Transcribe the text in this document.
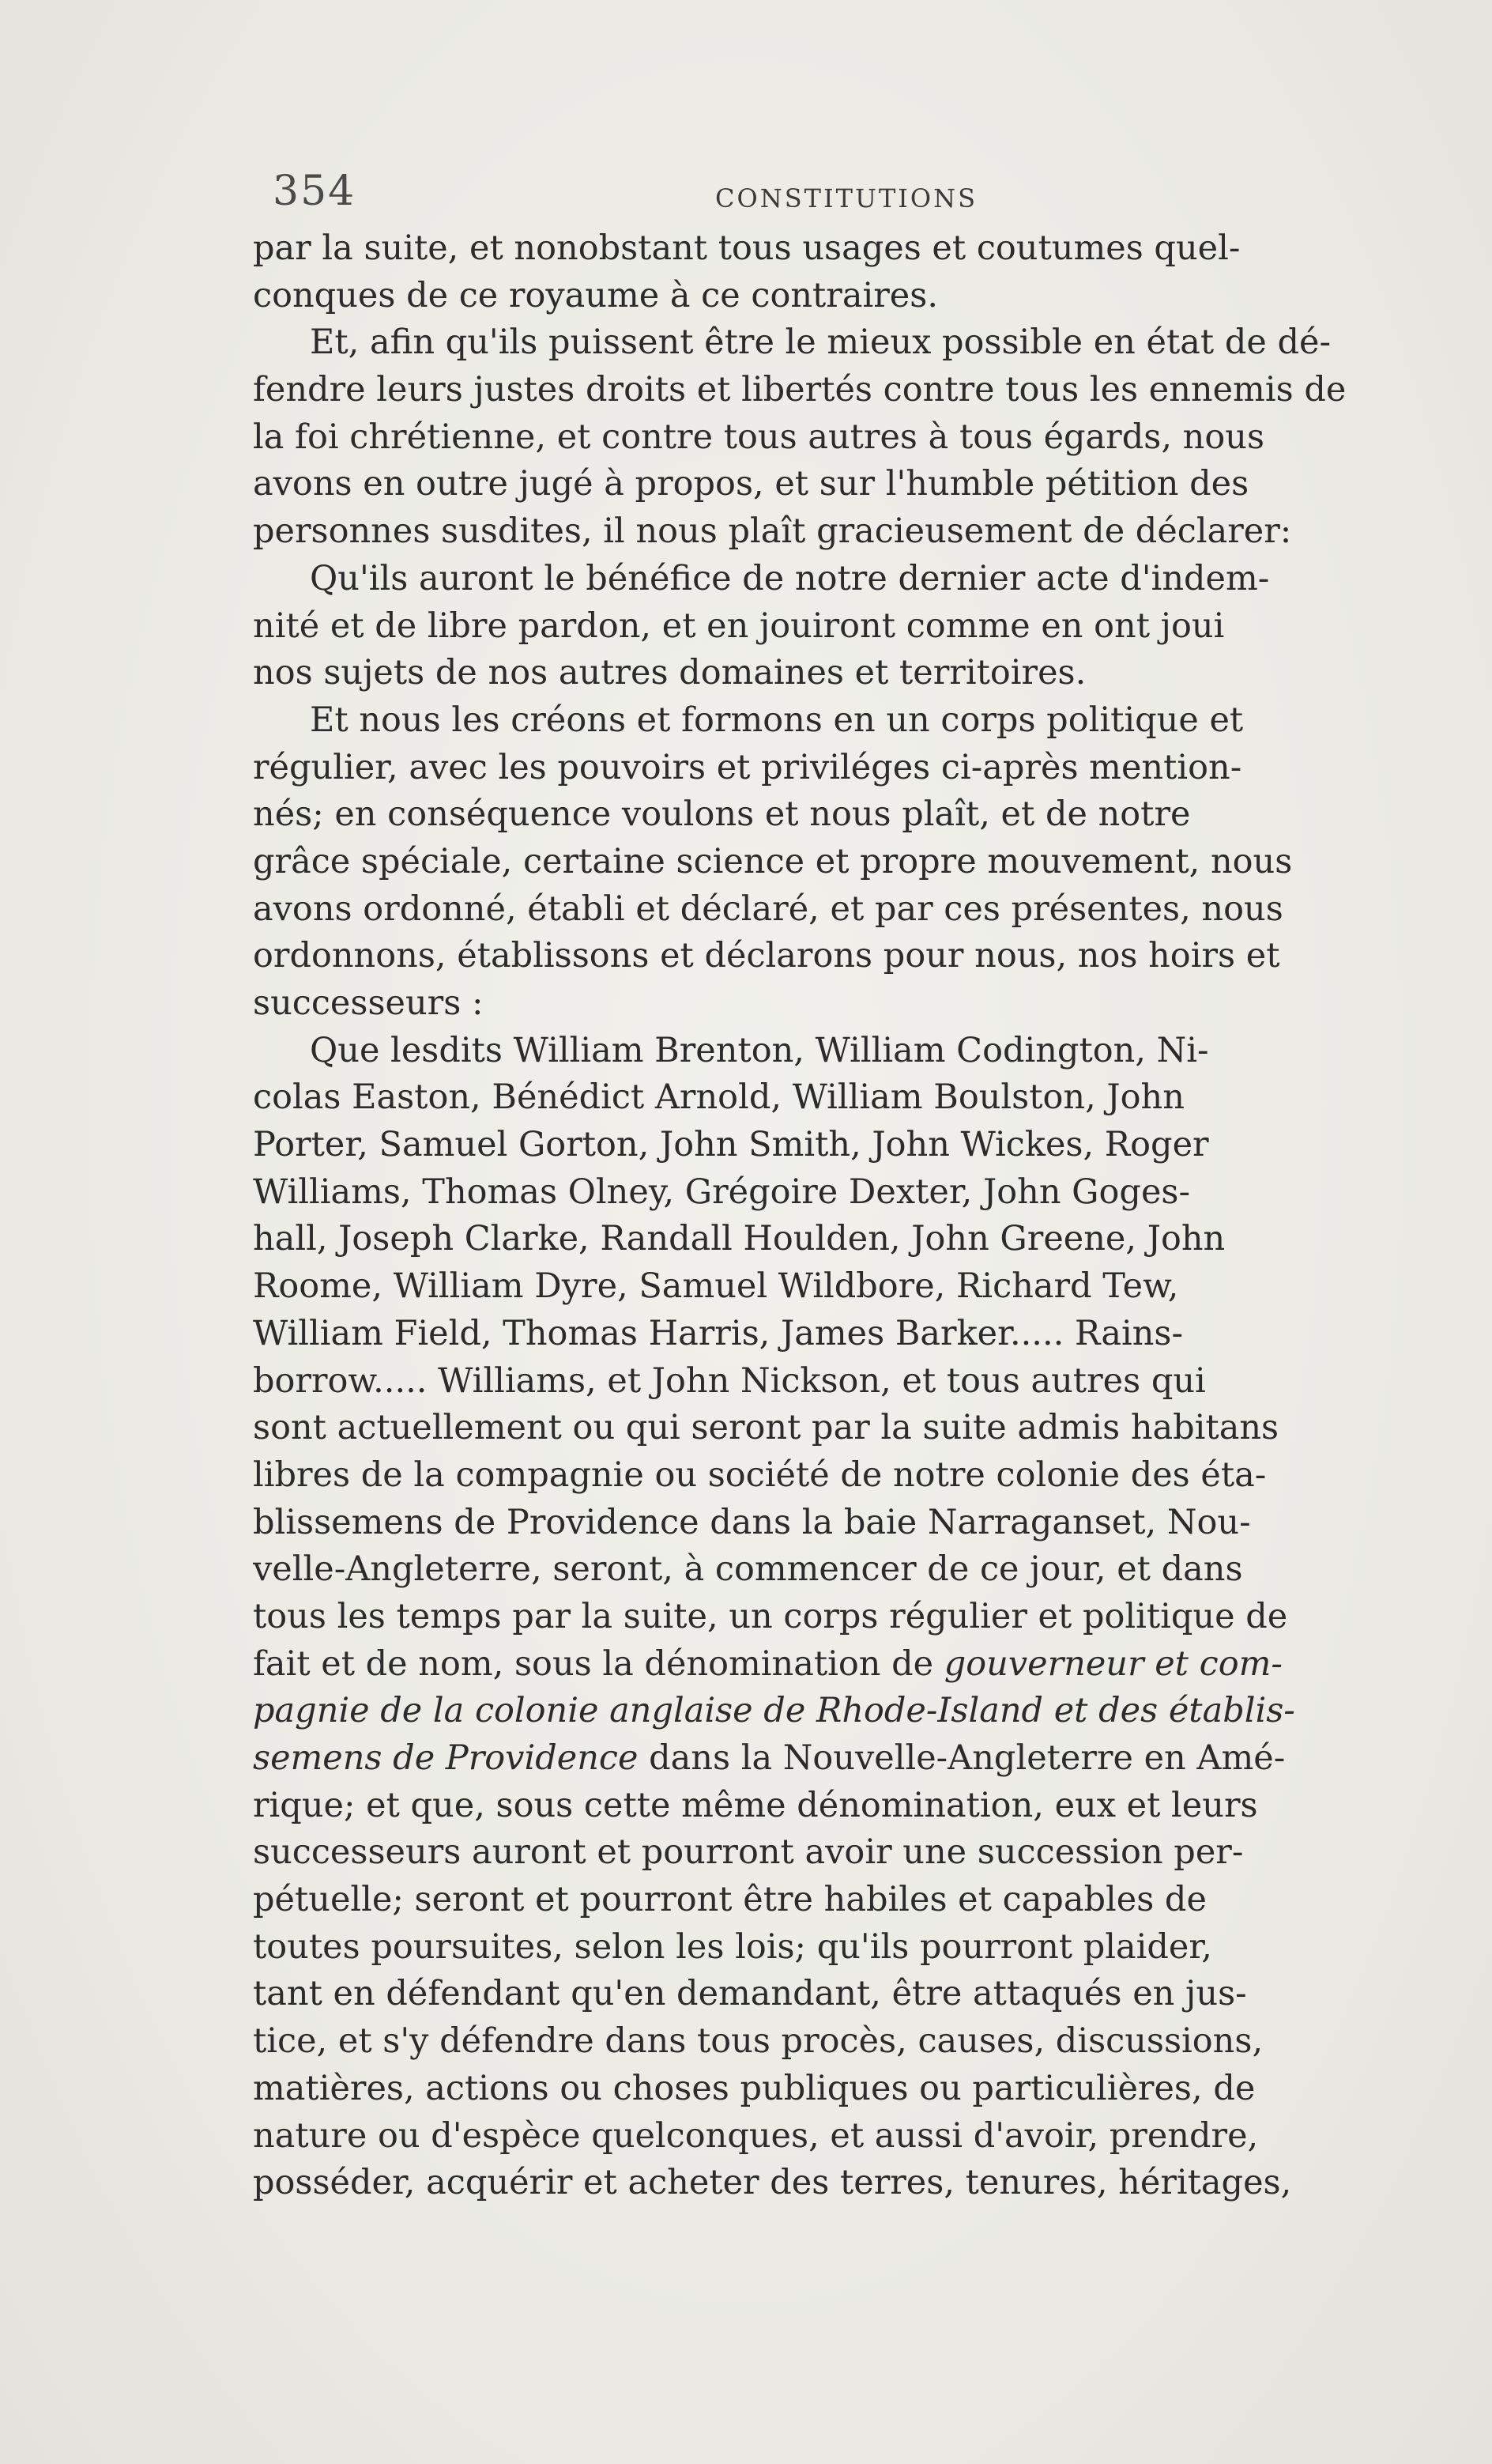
354	CONSTITUTIONS
par la suite, et nonobstant tous usages et coutumes quel-
conques de ce royaume à ce contraires.
Et, afin qu'ils puissent être le mieux possible en état de dé-
fendre leurs justes droits et libertés contre tous les ennemis de
la foi chrétienne, et contre tous autres à tous égards, nous
avons en outre jugé à propos, et sur l'humble pétition des
personnes susdites, il nous plaît gracieusement de déclarer:
Qu'ils auront le bénéfice de notre dernier acte d'indem-
nité et de libre pardon, et en jouiront comme en ont joui
nos sujets de nos autres domaines et territoires.
Et nous les créons et formons en un corps politique et
régulier, avec les pouvoirs et priviléges ci-après mention-
nés; en conséquence voulons et nous plaît, et de notre
grâce spéciale, certaine science et propre mouvement, nous
avons ordonné, établi et déclaré, et par ces présentes, nous
ordonnons, établissons et déclarons pour nous, nos hoirs et
successeurs :
Que lesdits William Brenton, William Codington, Ni-
colas Easton, Bénédict Arnold, William Boulston, John
Porter, Samuel Gorton, John Smith, John Wickes, Roger
Williams, Thomas Olney, Grégoire Dexter, John Goges-
hall, Joseph Clarke, Randall Houlden, John Greene, John
Roome, William Dyre, Samuel Wildbore, Richard Tew,
William Field, Thomas Harris, James Barker..... Rains-
borrow..... Williams, et John Nickson, et tous autres qui
sont actuellement ou qui seront par la suite admis habitans
libres de la compagnie ou société de notre colonie des éta-
blissemens de Providence dans la baie Narraganset, Nou-
velle-Angleterre, seront, à commencer de ce jour, et dans
tous les temps par la suite, un corps régulier et politique de
fait et de nom, sous la dénomination de gouverneur et com-
pagnie de la colonie anglaise de Rhode-Island et des établis-
semens de Providence dans la Nouvelle-Angleterre en Amé-
rique; et que, sous cette même dénomination, eux et leurs
successeurs auront et pourront avoir une succession per-
pétuelle; seront et pourront être habiles et capables de
toutes poursuites, selon les lois; qu'ils pourront plaider,
tant en défendant qu'en demandant, être attaqués en jus-
tice, et s'y défendre dans tous procès, causes, discussions,
matières, actions ou choses publiques ou particulières, de
nature ou d'espèce quelconques, et aussi d'avoir, prendre,
posséder, acquérir et acheter des terres, tenures, héritages,
